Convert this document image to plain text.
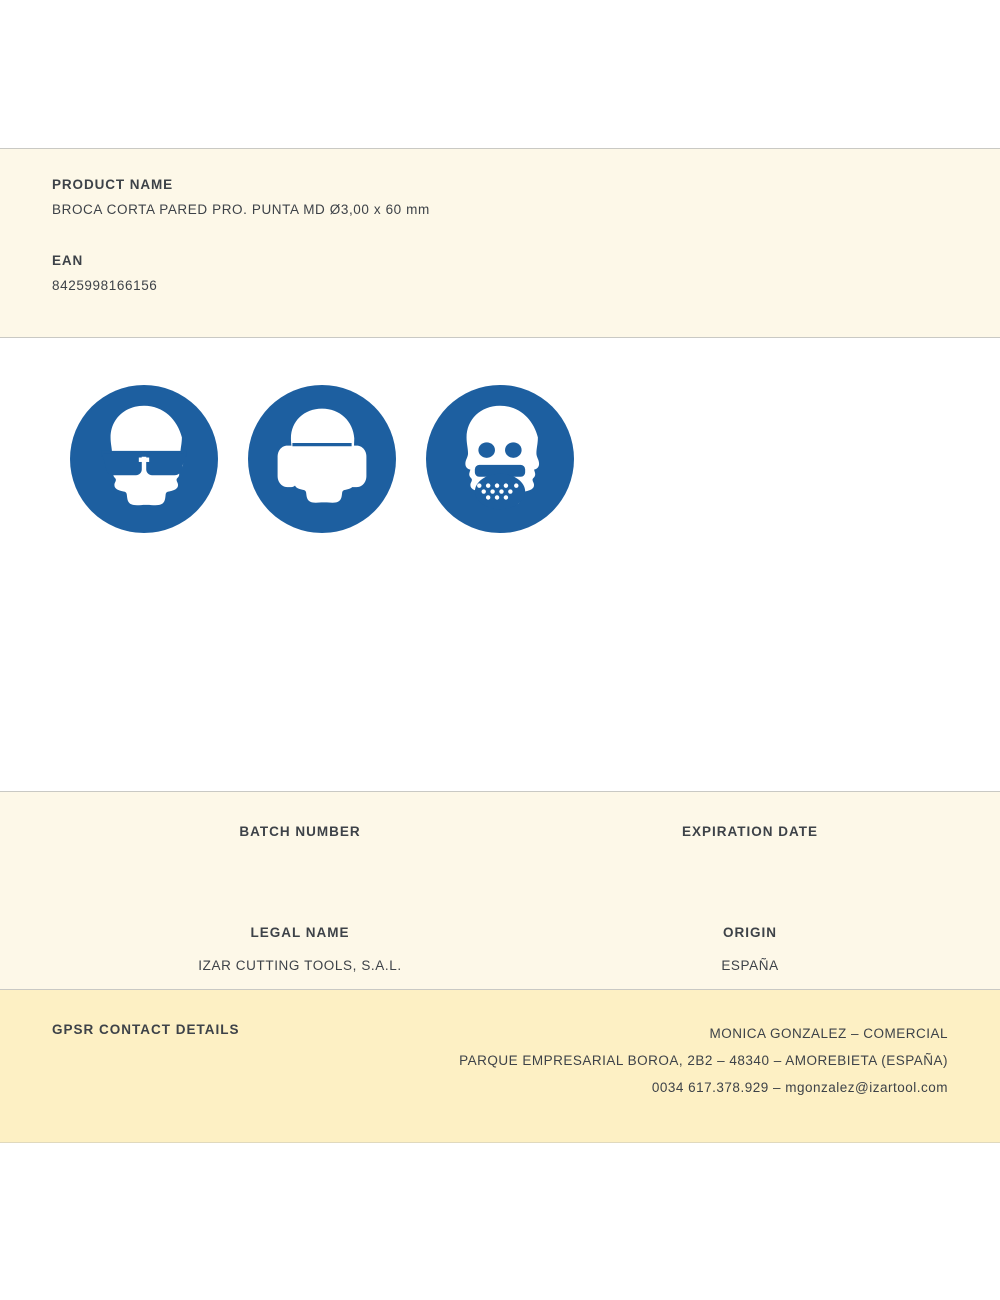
PRODUCT NAME

BROCA CORTA PARED PRO. PUNTA MD Ø3,00 x 60 mm

EAN

8425998166156

BATCH NUMBER	EXPIRATION DATE

LEGAL NAME

IZAR CUTTING TOOLS, S.A.L.

ORIGIN

ESPAÑA

GPSR CONTACT DETAILS	MONICA GONZALEZ – COMERCIAL
PARQUE EMPRESARIAL BOROA, 2B2 – 48340 – AMOREBIETA (ESPAÑA)
0034 617.378.929 – mgonzalez@izartool.com
